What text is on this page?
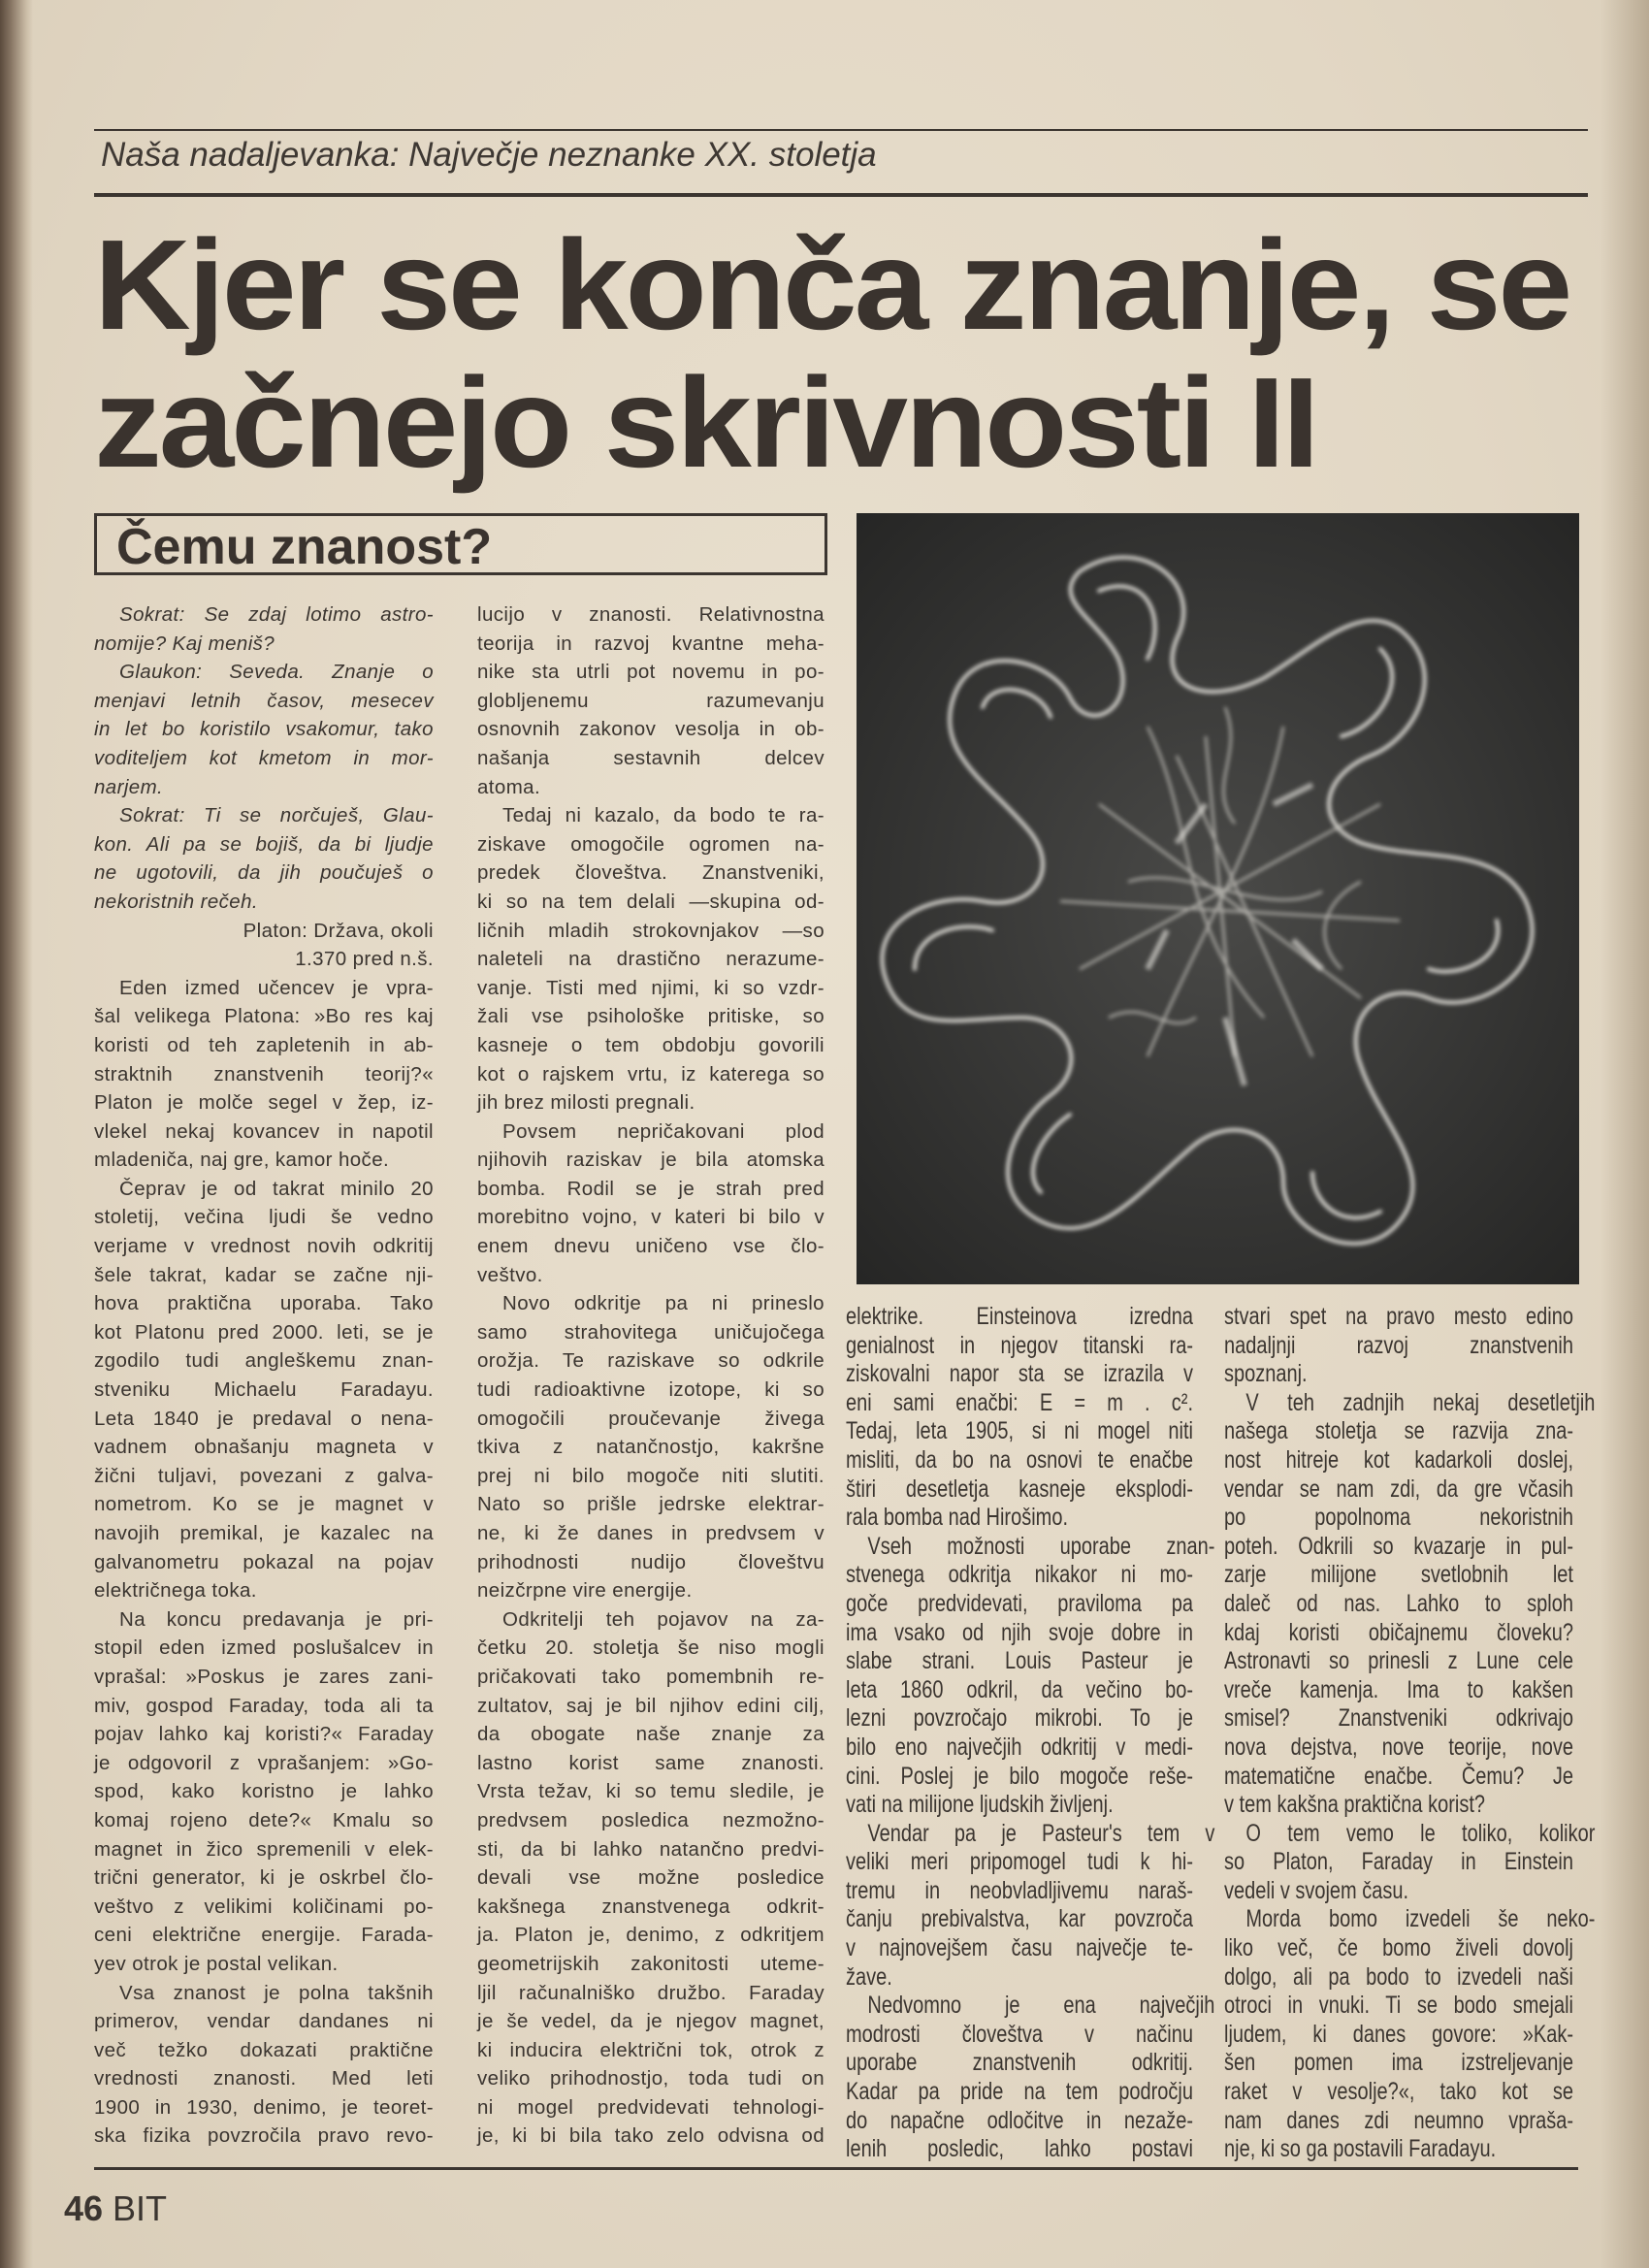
Naša nadaljevanka: Največje neznanke XX. stoletja
Kjer se konča znanje, se
začnejo skrivnosti II
Čemu znanost?
Sokrat: Se zdaj lotimo astro-
nomije? Kaj meniš?
Glaukon: Seveda. Znanje o
menjavi letnih časov, mesecev
in let bo koristilo vsakomur, tako
voditeljem kot kmetom in mor-
narjem.
Sokrat: Ti se norčuješ, Glau-
kon. Ali pa se bojiš, da bi ljudje
ne ugotovili, da jih poučuješ o
nekoristnih rečeh.
Platon: Država, okoli
1.370 pred n.š.
Eden izmed učencev je vpra-
šal velikega Platona: »Bo res kaj
koristi od teh zapletenih in ab-
straktnih znanstvenih teorij?«
Platon je molče segel v žep, iz-
vlekel nekaj kovancev in napotil
mladeniča, naj gre, kamor hoče.
Čeprav je od takrat minilo 20
stoletij, večina ljudi še vedno
verjame v vrednost novih odkritij
šele takrat, kadar se začne nji-
hova praktična uporaba. Tako
kot Platonu pred 2000. leti, se je
zgodilo tudi angleškemu znan-
stveniku Michaelu Faradayu.
Leta 1840 je predaval o nena-
vadnem obnašanju magneta v
žični tuljavi, povezani z galva-
nometrom. Ko se je magnet v
navojih premikal, je kazalec na
galvanometru pokazal na pojav
električnega toka.
Na koncu predavanja je pri-
stopil eden izmed poslušalcev in
vprašal: »Poskus je zares zani-
miv, gospod Faraday, toda ali ta
pojav lahko kaj koristi?« Faraday
je odgovoril z vprašanjem: »Go-
spod, kako koristno je lahko
komaj rojeno dete?« Kmalu so
magnet in žico spremenili v elek-
trični generator, ki je oskrbel člo-
veštvo z velikimi količinami po-
ceni električne energije. Farada-
yev otrok je postal velikan.
Vsa znanost je polna takšnih
primerov, vendar dandanes ni
več težko dokazati praktične
vrednosti znanosti. Med leti
1900 in 1930, denimo, je teoret-
ska fizika povzročila pravo revo-
lucijo v znanosti. Relativnostna
teorija in razvoj kvantne meha-
nike sta utrli pot novemu in po-
globljenemu razumevanju
osnovnih zakonov vesolja in ob-
našanja sestavnih delcev
atoma.
Tedaj ni kazalo, da bodo te ra-
ziskave omogočile ogromen na-
predek človeštva. Znanstveniki,
ki so na tem delali —skupina od-
ličnih mladih strokovnjakov —so
naleteli na drastično nerazume-
vanje. Tisti med njimi, ki so vzdr-
žali vse psihološke pritiske, so
kasneje o tem obdobju govorili
kot o rajskem vrtu, iz katerega so
jih brez milosti pregnali.
Povsem nepričakovani plod
njihovih raziskav je bila atomska
bomba. Rodil se je strah pred
morebitno vojno, v kateri bi bilo v
enem dnevu uničeno vse člo-
veštvo.
Novo odkritje pa ni prineslo
samo strahovitega uničujočega
orožja. Te raziskave so odkrile
tudi radioaktivne izotope, ki so
omogočili proučevanje živega
tkiva z natančnostjo, kakršne
prej ni bilo mogoče niti slutiti.
Nato so prišle jedrske elektrar-
ne, ki že danes in predvsem v
prihodnosti nudijo človeštvu
neizčrpne vire energije.
Odkritelji teh pojavov na za-
četku 20. stoletja še niso mogli
pričakovati tako pomembnih re-
zultatov, saj je bil njihov edini cilj,
da obogate naše znanje za
lastno korist same znanosti.
Vrsta težav, ki so temu sledile, je
predvsem posledica nezmožno-
sti, da bi lahko natančno predvi-
devali vse možne posledice
kakšnega znanstvenega odkrit-
ja. Platon je, denimo, z odkritjem
geometrijskih zakonitosti uteme-
ljil računalniško družbo. Faraday
je še vedel, da je njegov magnet,
ki inducira električni tok, otrok z
veliko prihodnostjo, toda tudi on
ni mogel predvidevati tehnologi-
je, ki bi bila tako zelo odvisna od
elektrike. Einsteinova izredna
genialnost in njegov titanski ra-
ziskovalni napor sta se izrazila v
eni sami enačbi: E = m . c².
Tedaj, leta 1905, si ni mogel niti
misliti, da bo na osnovi te enačbe
štiri desetletja kasneje eksplodi-
rala bomba nad Hirošimo.
Vseh možnosti uporabe znan-
stvenega odkritja nikakor ni mo-
goče predvidevati, praviloma pa
ima vsako od njih svoje dobre in
slabe strani. Louis Pasteur je
leta 1860 odkril, da večino bo-
lezni povzročajo mikrobi. To je
bilo eno največjih odkritij v medi-
cini. Poslej je bilo mogoče reše-
vati na milijone ljudskih življenj.
Vendar pa je Pasteur's tem v
veliki meri pripomogel tudi k hi-
tremu in neobvladljivemu naraš-
čanju prebivalstva, kar povzroča
v najnovejšem času največje te-
žave.
Nedvomno je ena največjih
modrosti človeštva v načinu
uporabe znanstvenih odkritij.
Kadar pa pride na tem področju
do napačne odločitve in nezaže-
lenih posledic, lahko postavi
stvari spet na pravo mesto edino
nadaljnji razvoj znanstvenih
spoznanj.
V teh zadnjih nekaj desetletjih
našega stoletja se razvija zna-
nost hitreje kot kadarkoli doslej,
vendar se nam zdi, da gre včasih
po popolnoma nekoristnih
poteh. Odkrili so kvazarje in pul-
zarje milijone svetlobnih let
daleč od nas. Lahko to sploh
kdaj koristi običajnemu človeku?
Astronavti so prinesli z Lune cele
vreče kamenja. Ima to kakšen
smisel? Znanstveniki odkrivajo
nova dejstva, nove teorije, nove
matematične enačbe. Čemu? Je
v tem kakšna praktična korist?
O tem vemo le toliko, kolikor
so Platon, Faraday in Einstein
vedeli v svojem času.
Morda bomo izvedeli še neko-
liko več, če bomo živeli dovolj
dolgo, ali pa bodo to izvedeli naši
otroci in vnuki. Ti se bodo smejali
ljudem, ki danes govore: »Kak-
šen pomen ima izstreljevanje
raket v vesolje?«, tako kot se
nam danes zdi neumno vpraša-
nje, ki so ga postavili Faradayu.
46 BIT
